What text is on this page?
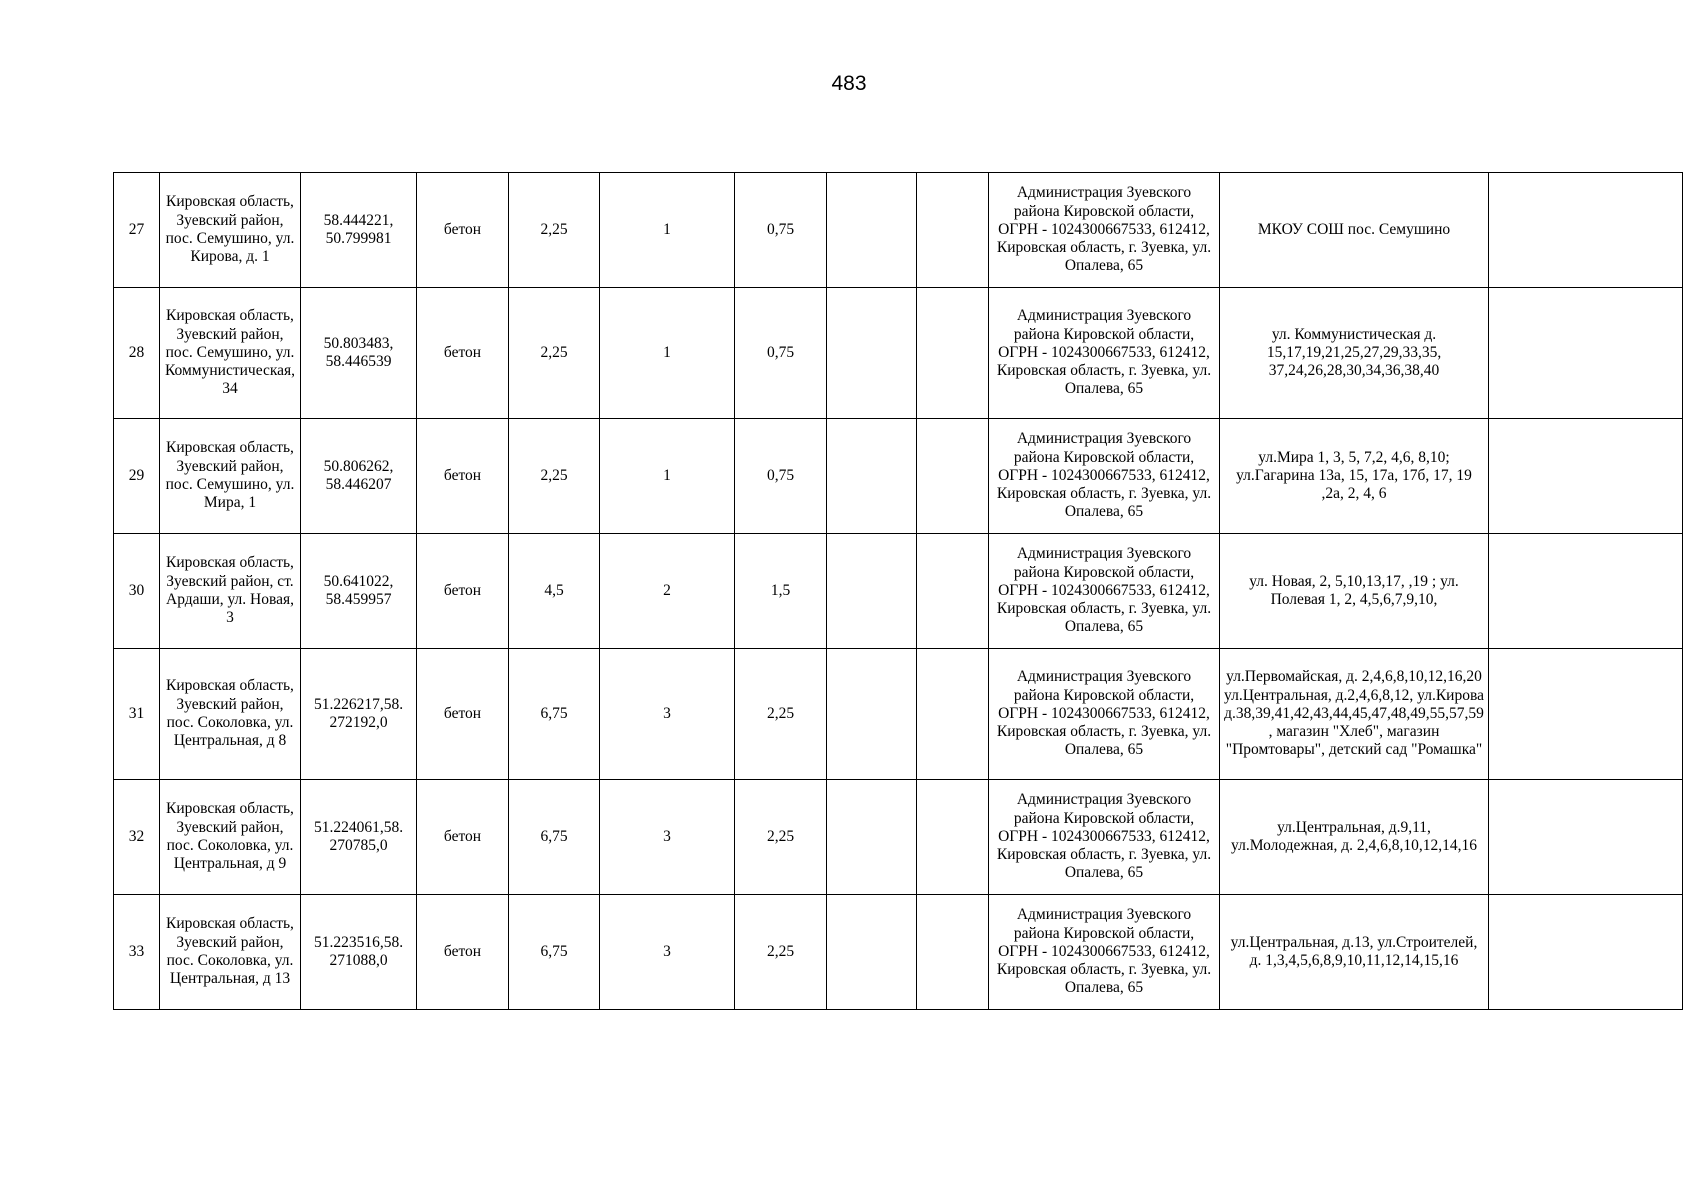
483
27	Кировская область, Зуевский район, пос. Семушино, ул. Кирова, д. 1	58.444221, 50.799981	бетон	2,25	1	0,75			Администрация Зуевского района Кировской области, ОГРН - 1024300667533, 612412, Кировская область, г. Зуевка, ул. Опалева, 65	МКОУ СОШ пос. Семушино	
28	Кировская область, Зуевский район, пос. Семушино, ул. Коммунистическая, 34	50.803483, 58.446539	бетон	2,25	1	0,75			Администрация Зуевского района Кировской области, ОГРН - 1024300667533, 612412, Кировская область, г. Зуевка, ул. Опалева, 65	ул. Коммунистическая д. 15,17,19,21,25,27,29,33,35, 37,24,26,28,30,34,36,38,40	
29	Кировская область, Зуевский район, пос. Семушино, ул. Мира, 1	50.806262, 58.446207	бетон	2,25	1	0,75			Администрация Зуевского района Кировской области, ОГРН - 1024300667533, 612412, Кировская область, г. Зуевка, ул. Опалева, 65	ул.Мира 1, 3, 5, 7,2, 4,6, 8,10; ул.Гагарина 13а, 15, 17а, 17б, 17, 19 ,2а, 2, 4, 6	
30	Кировская область, Зуевский район, ст. Ардаши, ул. Новая, 3	50.641022, 58.459957	бетон	4,5	2	1,5			Администрация Зуевского района Кировской области, ОГРН - 1024300667533, 612412, Кировская область, г. Зуевка, ул. Опалева, 65	ул. Новая, 2, 5,10,13,17, ,19 ; ул. Полевая 1, 2, 4,5,6,7,9,10,	
31	Кировская область, Зуевский район, пос. Соколовка, ул. Центральная, д 8	51.226217,58. 272192,0	бетон	6,75	3	2,25			Администрация Зуевского района Кировской области, ОГРН - 1024300667533, 612412, Кировская область, г. Зуевка, ул. Опалева, 65	ул.Первомайская, д. 2,4,6,8,10,12,16,20 ул.Центральная, д.2,4,6,8,12, ул.Кирова д.38,39,41,42,43,44,45,47,48,49,55,57,59, магазин "Хлеб", магазин "Промтовары", детский сад "Ромашка"	
32	Кировская область, Зуевский район, пос. Соколовка, ул. Центральная, д 9	51.224061,58. 270785,0	бетон	6,75	3	2,25			Администрация Зуевского района Кировской области, ОГРН - 1024300667533, 612412, Кировская область, г. Зуевка, ул. Опалева, 65	ул.Центральная, д.9,11, ул.Молодежная, д. 2,4,6,8,10,12,14,16	
33	Кировская область, Зуевский район, пос. Соколовка, ул. Центральная, д 13	51.223516,58. 271088,0	бетон	6,75	3	2,25			Администрация Зуевского района Кировской области, ОГРН - 1024300667533, 612412, Кировская область, г. Зуевка, ул. Опалева, 65	ул.Центральная, д.13, ул.Строителей, д. 1,3,4,5,6,8,9,10,11,12,14,15,16	
